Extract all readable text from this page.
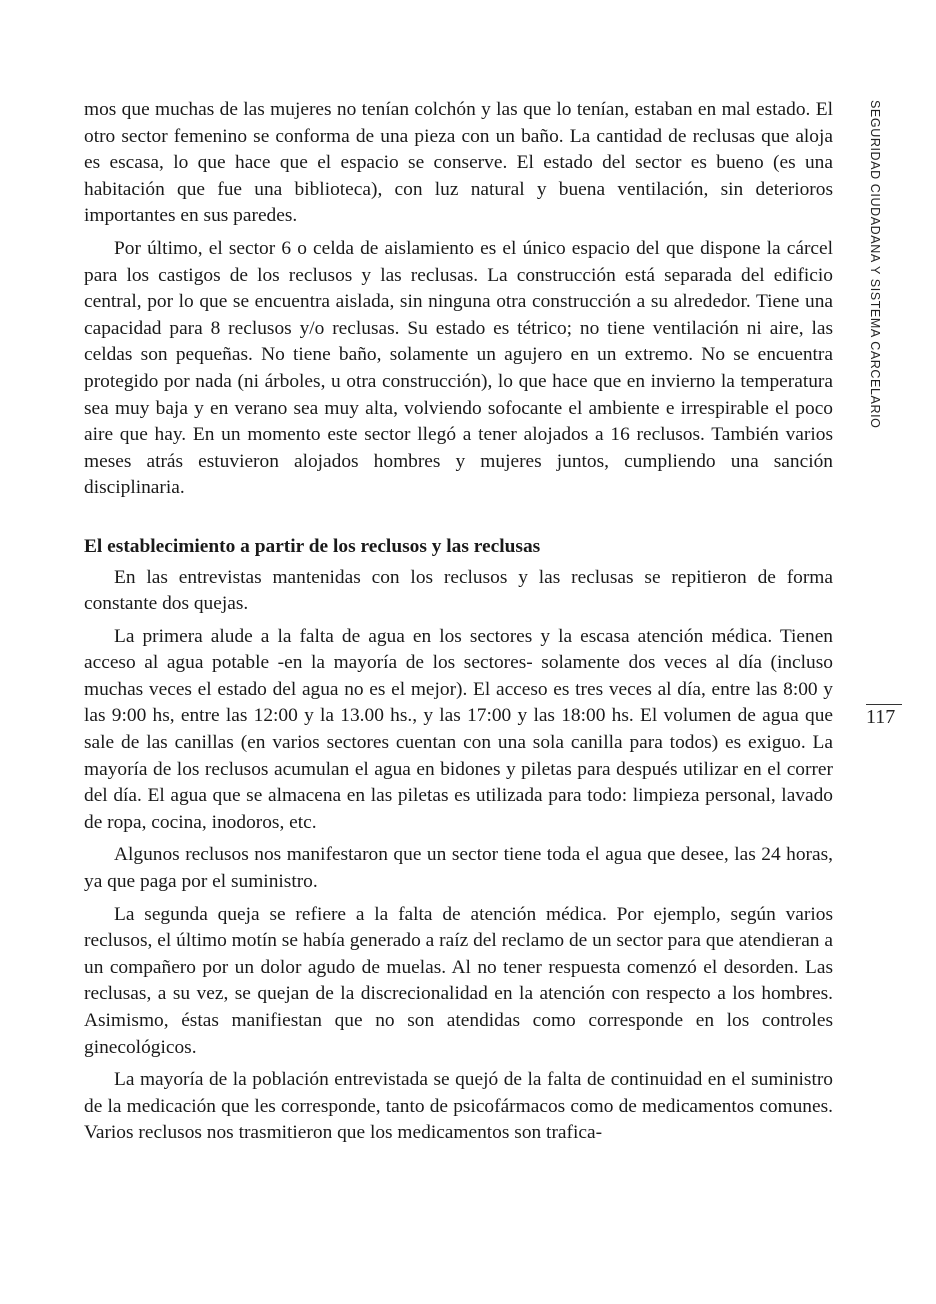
SEGURIDAD CIUDADANA Y SISTEMA CARCELARIO
117

mos que muchas de las mujeres no tenían colchón y las que lo tenían, estaban en mal estado. El otro sector femenino se conforma de una pieza con un baño. La cantidad de reclusas que aloja es escasa, lo que hace que el espacio se conserve. El estado del sector es bueno (es una habitación que fue una biblioteca), con luz natural y buena ventilación, sin deterioros importantes en sus paredes.

Por último, el sector 6 o celda de aislamiento es el único espacio del que dispone la cárcel para los castigos de los reclusos y las reclusas. La construcción está separada del edificio central, por lo que se encuentra aislada, sin ninguna otra construcción a su alrededor. Tiene una capacidad para 8 reclusos y/o reclusas. Su estado es tétrico; no tiene ventilación ni aire, las celdas son pequeñas. No tiene baño, solamente un agujero en un extremo. No se encuentra protegido por nada (ni árboles, u otra construcción), lo que hace que en invierno la temperatura sea muy baja y en verano sea muy alta, volviendo sofocante el ambiente e irrespirable el poco aire que hay. En un momento este sector llegó a tener alojados a 16 reclusos. También varios meses atrás estuvieron alojados hombres y mujeres juntos, cumpliendo una sanción disciplinaria.

El establecimiento a partir de los reclusos y las reclusas

En las entrevistas mantenidas con los reclusos y las reclusas se repitieron de forma constante dos quejas.

La primera alude a la falta de agua en los sectores y la escasa atención médica. Tienen acceso al agua potable -en la mayoría de los sectores- solamente dos veces al día (incluso muchas veces el estado del agua no es el mejor). El acceso es tres veces al día, entre las 8:00 y las 9:00 hs, entre las 12:00 y la 13.00 hs., y las 17:00 y las 18:00 hs. El volumen de agua que sale de las canillas (en varios sectores cuentan con una sola canilla para todos) es exiguo. La mayoría de los reclusos acumulan el agua en bidones y piletas para después utilizar en el correr del día. El agua que se almacena en las piletas es utilizada para todo: limpieza personal, lavado de ropa, cocina, inodoros, etc.

Algunos reclusos nos manifestaron que un sector tiene toda el agua que desee, las 24 horas, ya que paga por el suministro.

La segunda queja se refiere a la falta de atención médica. Por ejemplo, según varios reclusos, el último motín se había generado a raíz del reclamo de un sector para que atendieran a un compañero por un dolor agudo de muelas. Al no tener respuesta comenzó el desorden. Las reclusas, a su vez, se quejan de la discrecionalidad en la atención con respecto a los hombres. Asimismo, éstas manifiestan que no son atendidas como corresponde en los controles ginecológicos.

La mayoría de la población entrevistada se quejó de la falta de continuidad en el suministro de la medicación que les corresponde, tanto de psicofármacos como de medicamentos comunes. Varios reclusos nos trasmitieron que los medicamentos son trafica-
